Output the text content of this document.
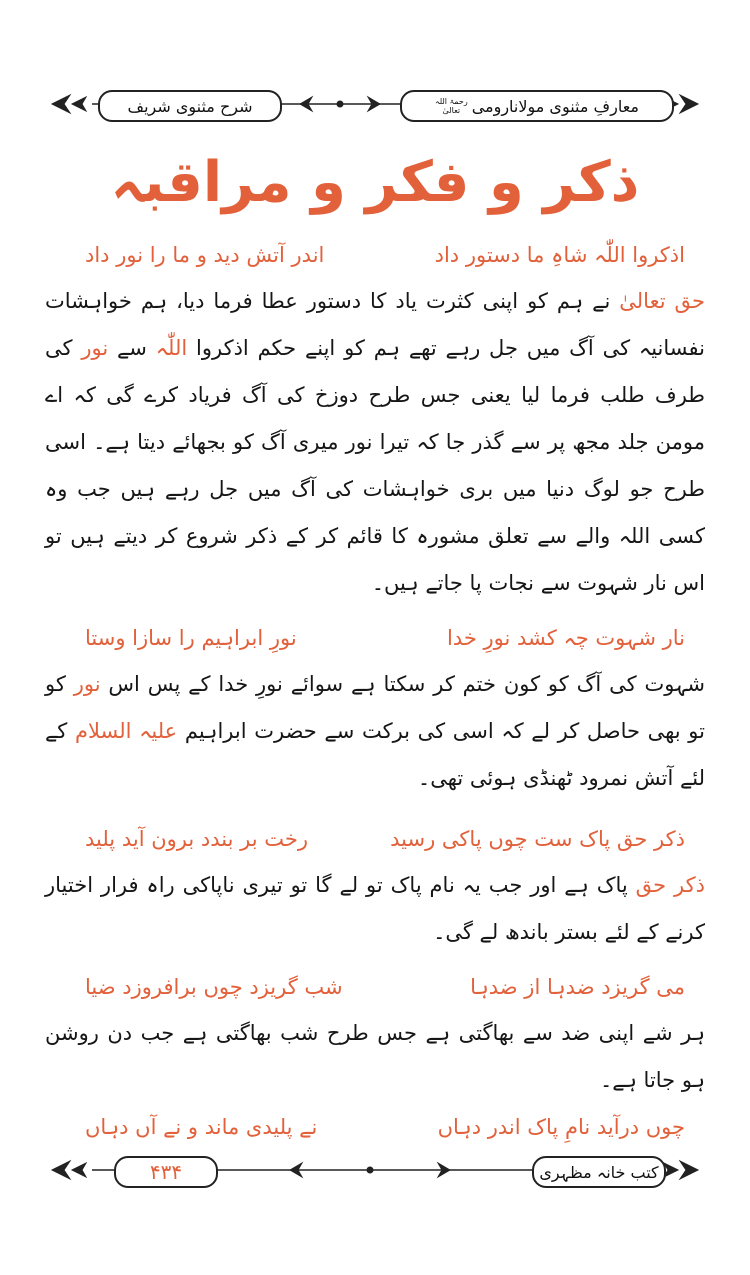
معارفِ مثنوی مولانارومی
رحمۃ اللہ
تعالیٰ
شرح مثنوی شریف
ذکر و فکر و مراقبہ
اذکروا اللّٰہ شاہِ ما دستور داد
اندر آتش دید و ما را نور داد

حق تعالیٰ نے ہم کو اپنی کثرت یاد کا دستور عطا فرما دیا، ہم خواہشات نفسانیہ کی آگ میں جل رہے تھے ہم کو اپنے حکم اذکروا اللّٰہ سے نور کی طرف طلب فرما لیا یعنی جس طرح دوزخ کی آگ فریاد کرے گی کہ اے مومن جلد مجھ پر سے گذر جا کہ تیرا نور میری آگ کو بجھائے دیتا ہے۔ اسی طرح جو لوگ دنیا میں بری خواہشات کی آگ میں جل رہے ہیں جب وہ کسی اللہ والے سے تعلق مشورہ کا قائم کر کے ذکر شروع کر دیتے ہیں تو اس نار شہوت سے نجات پا جاتے ہیں۔

نار شہوت چہ کشد نورِ خدا
نورِ ابراہیم را سازا وستا

شہوت کی آگ کو کون ختم کر سکتا ہے سوائے نورِ خدا کے پس اس نور کو تو بھی حاصل کر لے کہ اسی کی برکت سے حضرت ابراہیم علیہ السلام کے لئے آتش نمرود ٹھنڈی ہوئی تھی۔

ذکر حق پاک ست چوں پاکی رسید
رخت بر بندد برون آید پلید

ذکر حق پاک ہے اور جب یہ نام پاک تو لے گا تو تیری ناپاکی راہ فرار اختیار کرنے کے لئے بستر باندھ لے گی۔

می گریزد ضدہا از ضدہا
شب گریزد چوں برافروزد ضیا

ہر شے اپنی ضد سے بھاگتی ہے جس طرح شب بھاگتی ہے جب دن روشن ہو جاتا ہے۔

چوں درآید نامِ پاک اندر دہاں
نے پلیدی ماند و نے آں دہاں
۴۳۴	کتب خانہ مظہری
